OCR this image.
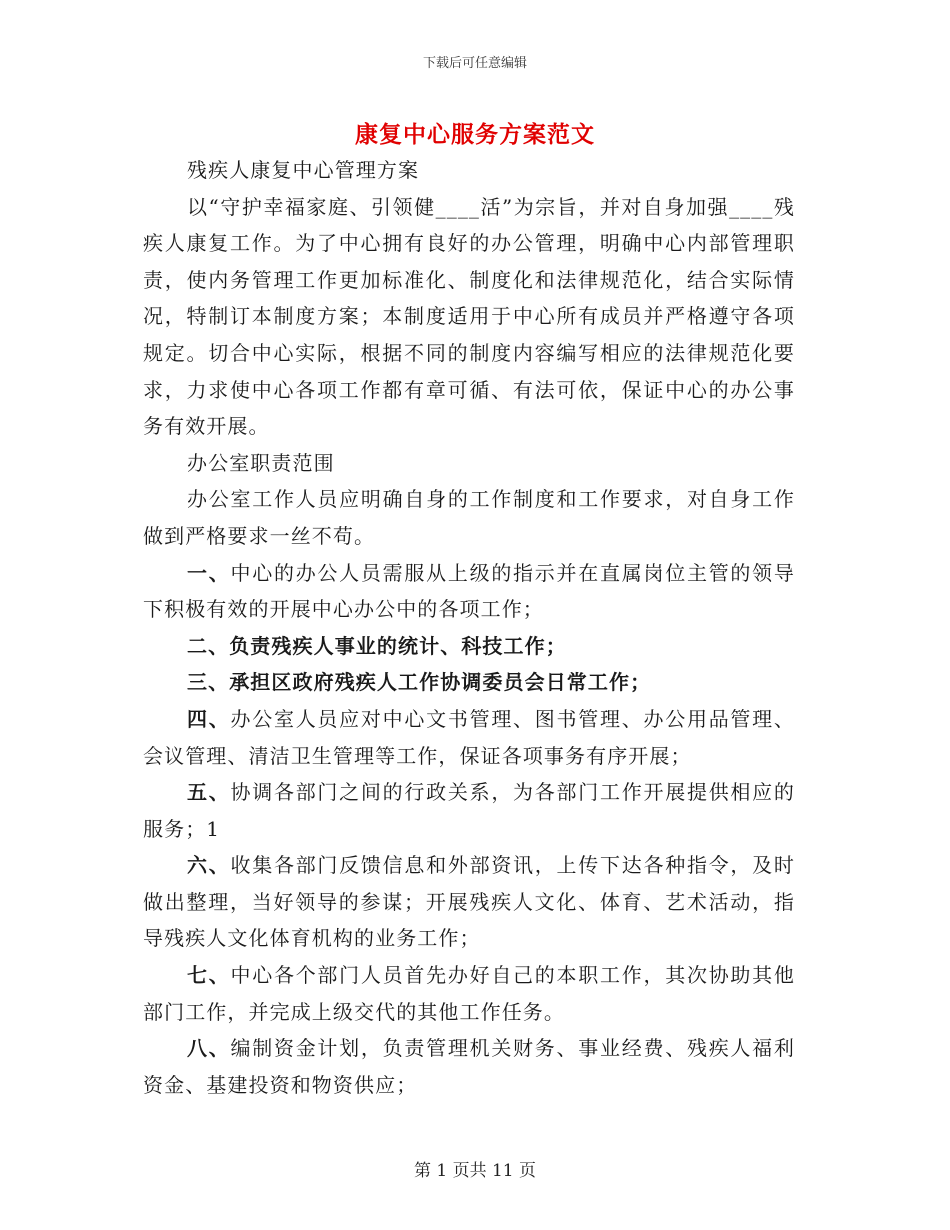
下载后可任意编辑
康复中心服务方案范文

残疾人康复中心管理方案

以“守护幸福家庭、引领健____活”为宗旨，并对自身加强____残疾人康复工作。为了中心拥有良好的办公管理，明确中心内部管理职责，使内务管理工作更加标准化、制度化和法律规范化，结合实际情况，特制订本制度方案；本制度适用于中心所有成员并严格遵守各项规定。切合中心实际，根据不同的制度内容编写相应的法律规范化要求，力求使中心各项工作都有章可循、有法可依，保证中心的办公事务有效开展。

办公室职责范围

办公室工作人员应明确自身的工作制度和工作要求，对自身工作做到严格要求一丝不苟。

一、中心的办公人员需服从上级的指示并在直属岗位主管的领导下积极有效的开展中心办公中的各项工作；

二、负责残疾人事业的统计、科技工作；

三、承担区政府残疾人工作协调委员会日常工作；

四、办公室人员应对中心文书管理、图书管理、办公用品管理、会议管理、清洁卫生管理等工作，保证各项事务有序开展；

五、协调各部门之间的行政关系，为各部门工作开展提供相应的服务；1

六、收集各部门反馈信息和外部资讯，上传下达各种指令，及时做出整理，当好领导的参谋；开展残疾人文化、体育、艺术活动，指导残疾人文化体育机构的业务工作；

七、中心各个部门人员首先办好自己的本职工作，其次协助其他部门工作，并完成上级交代的其他工作任务。

八、编制资金计划，负责管理机关财务、事业经费、残疾人福利资金、基建投资和物资供应；

第 1 页共 11 页
